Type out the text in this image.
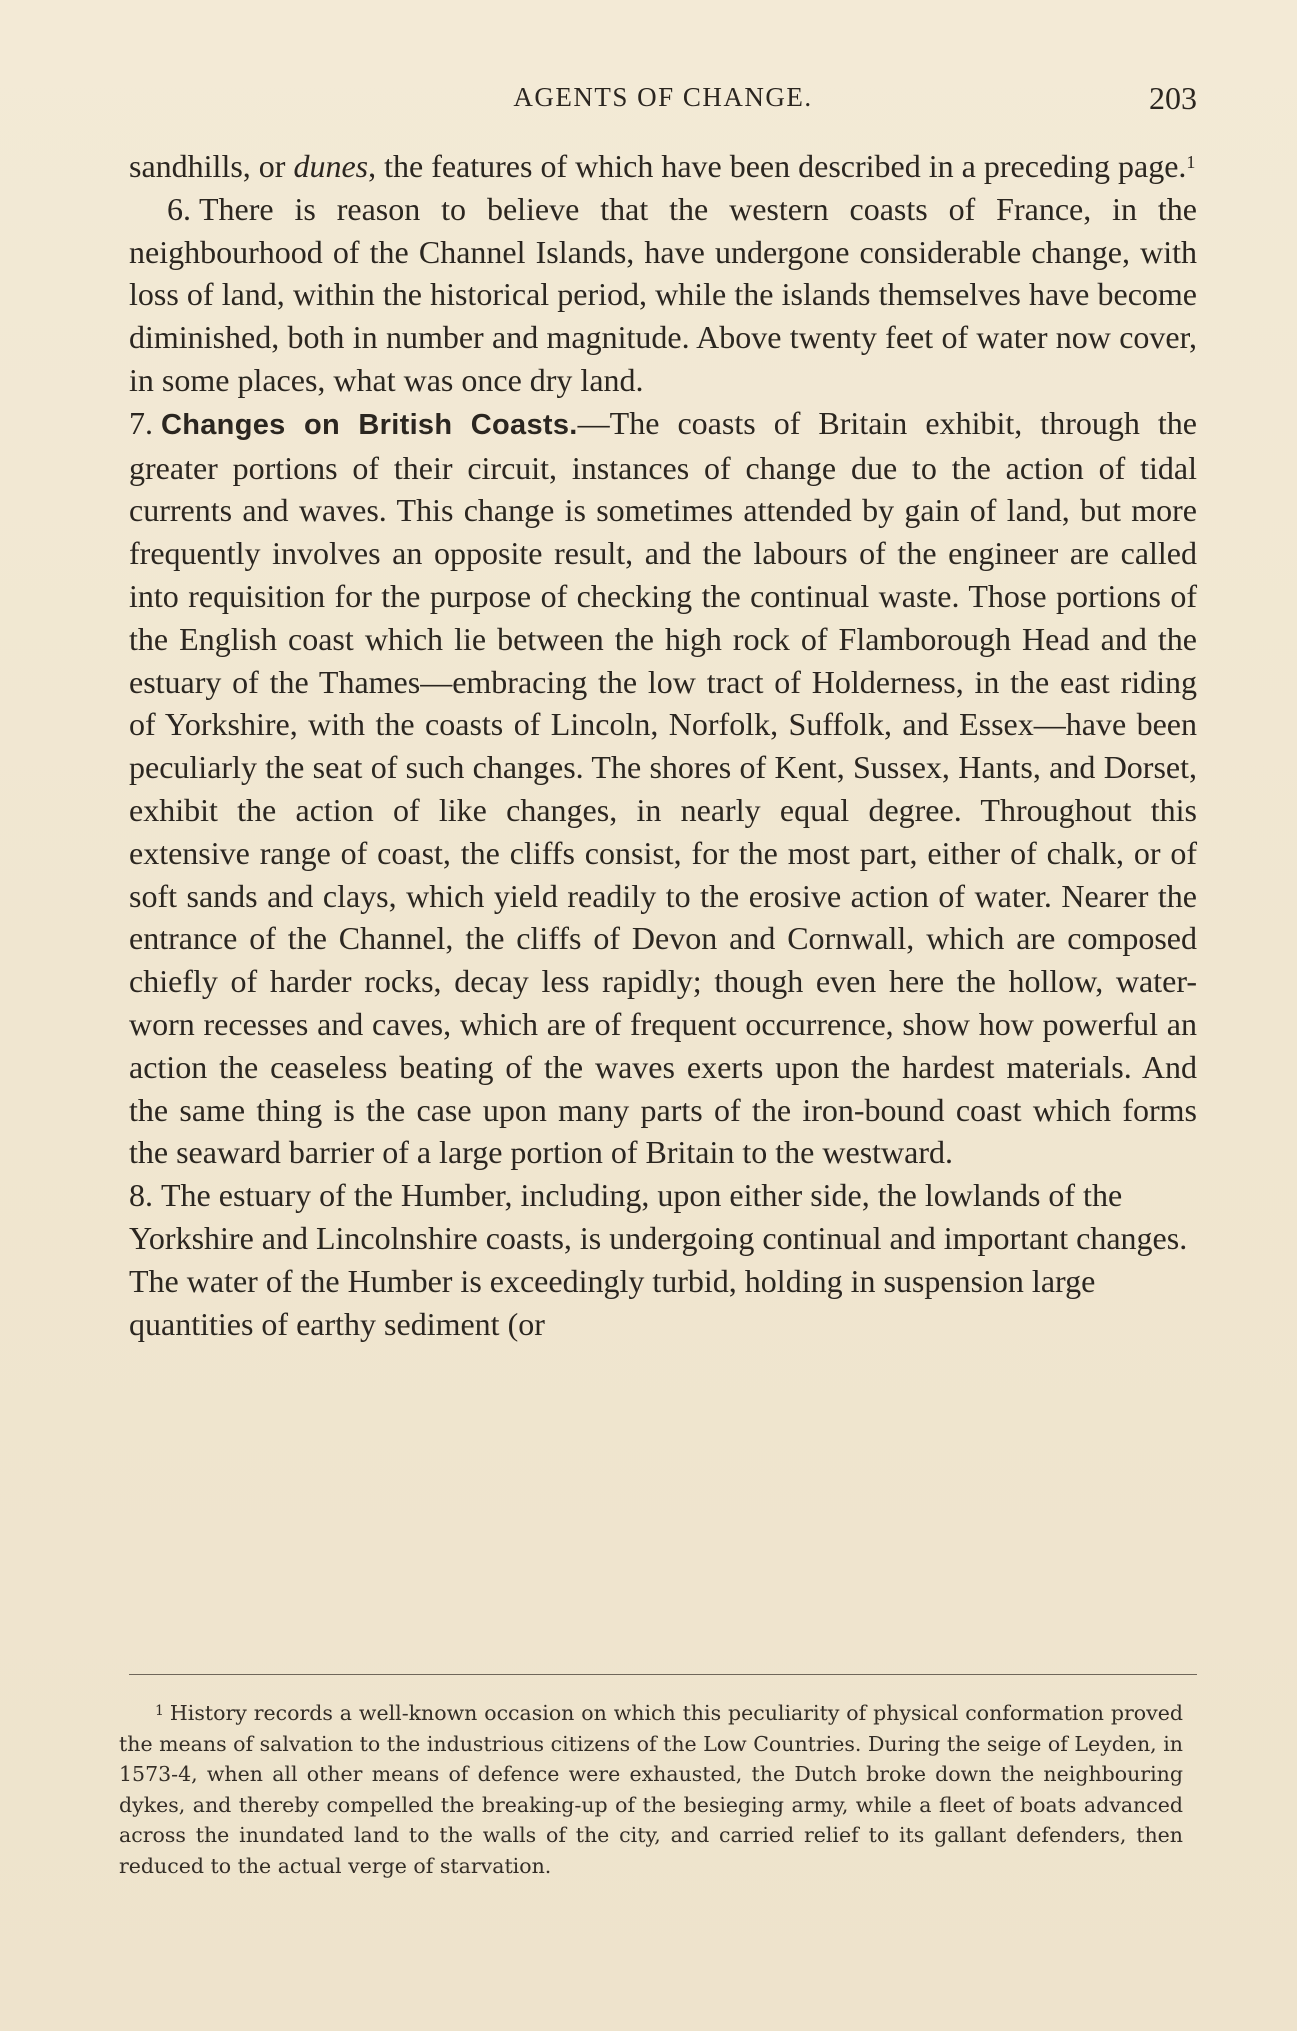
AGENTS OF CHANGE.	203

sandhills, or dunes, the features of which have been described in a preceding page.$^1$

6. There is reason to believe that the western coasts of France, in the neighbourhood of the Channel Islands, have undergone considerable change, with loss of land, within the historical period, while the islands themselves have become diminished, both in number and magnitude. Above twenty feet of water now cover, in some places, what was once dry land.

7. Changes on British Coasts.—The coasts of Britain exhibit, through the greater portions of their circuit, instances of change due to the action of tidal currents and waves. This change is sometimes attended by gain of land, but more frequently involves an opposite result, and the labours of the engineer are called into requisition for the purpose of checking the continual waste. Those portions of the English coast which lie between the high rock of Flamborough Head and the estuary of the Thames—embracing the low tract of Holderness, in the east riding of Yorkshire, with the coasts of Lincoln, Norfolk, Suffolk, and Essex—have been peculiarly the seat of such changes. The shores of Kent, Sussex, Hants, and Dorset, exhibit the action of like changes, in nearly equal degree. Throughout this extensive range of coast, the cliffs consist, for the most part, either of chalk, or of soft sands and clays, which yield readily to the erosive action of water. Nearer the entrance of the Channel, the cliffs of Devon and Cornwall, which are composed chiefly of harder rocks, decay less rapidly; though even here the hollow, water-worn recesses and caves, which are of frequent occurrence, show how powerful an action the ceaseless beating of the waves exerts upon the hardest materials. And the same thing is the case upon many parts of the iron-bound coast which forms the seaward barrier of a large portion of Britain to the westward.

8. The estuary of the Humber, including, upon either side, the lowlands of the Yorkshire and Lincolnshire coasts, is undergoing continual and important changes. The water of the Humber is exceedingly turbid, holding in suspension large quantities of earthy sediment (or

$^1$ History records a well-known occasion on which this peculiarity of physical conformation proved the means of salvation to the industrious citizens of the Low Countries. During the seige of Leyden, in 1573-4, when all other means of defence were exhausted, the Dutch broke down the neighbouring dykes, and thereby compelled the breaking-up of the besieging army, while a fleet of boats advanced across the inundated land to the walls of the city, and carried relief to its gallant defenders, then reduced to the actual verge of starvation.
